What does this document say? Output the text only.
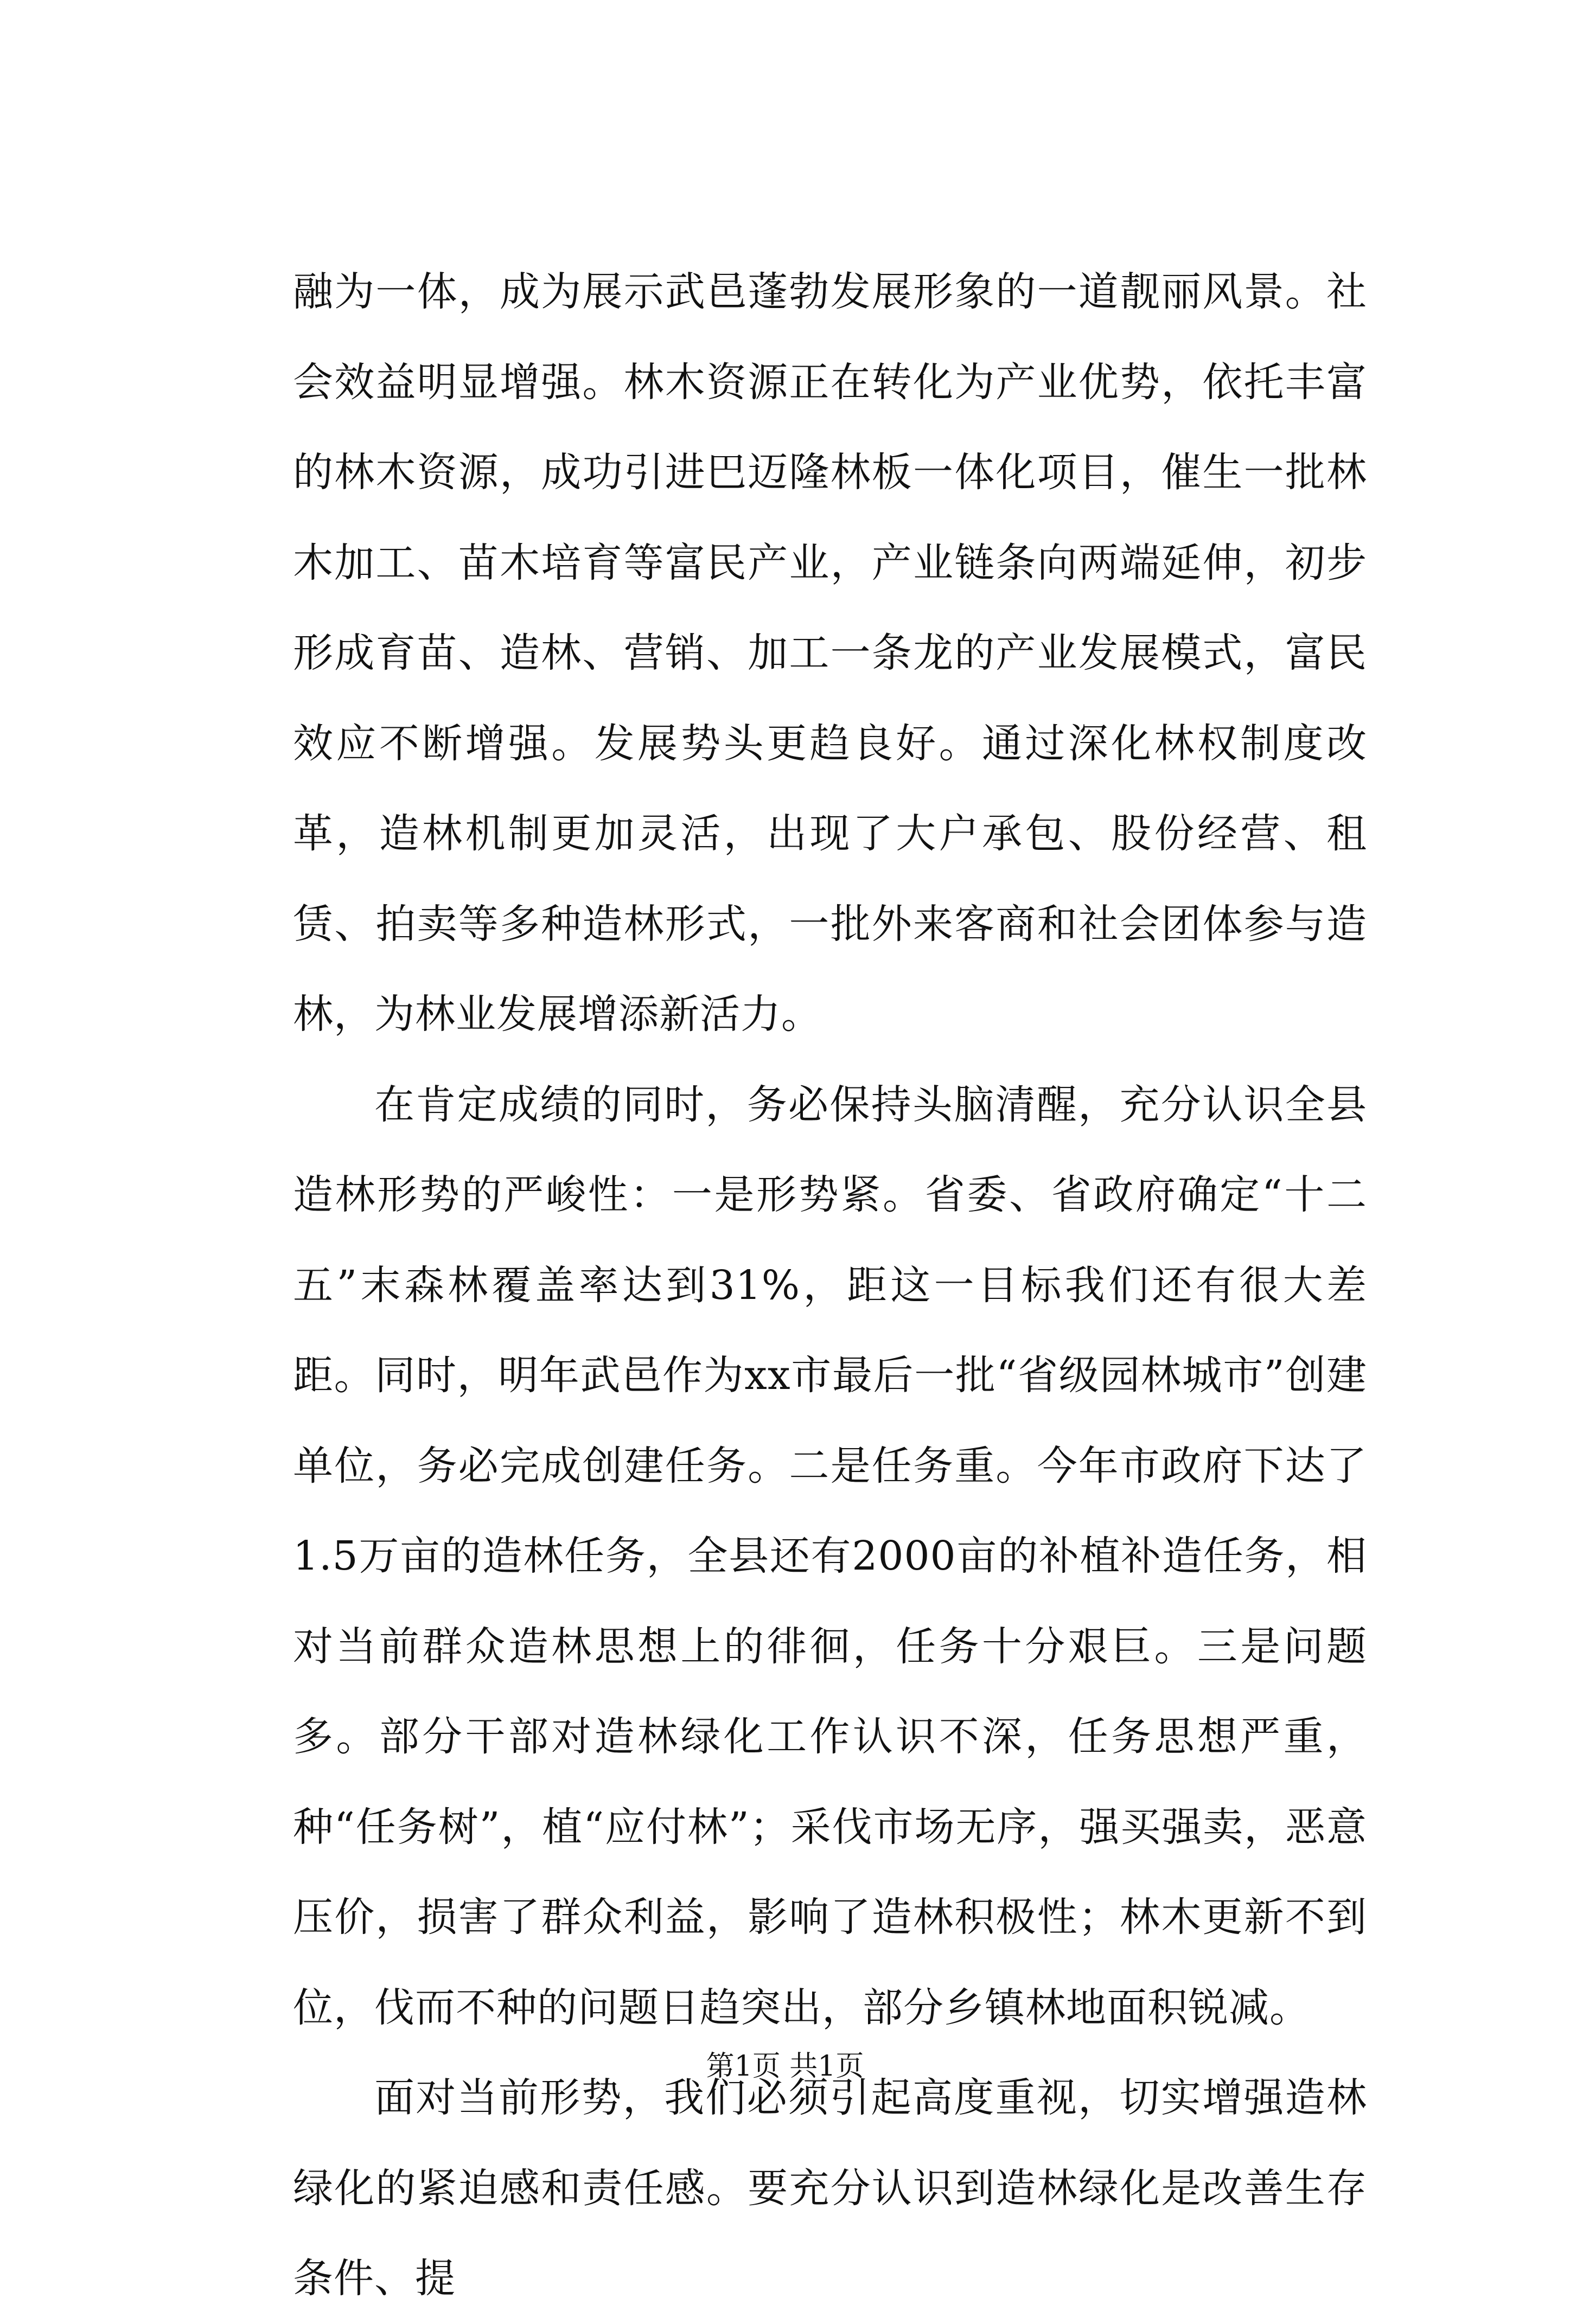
融为一体，成为展示武邑蓬勃发展形象的一道靓丽风景。社会效益明显增强。林木资源正在转化为产业优势，依托丰富的林木资源，成功引进巴迈隆林板一体化项目，催生一批林木加工、苗木培育等富民产业，产业链条向两端延伸，初步形成育苗、造林、营销、加工一条龙的产业发展模式，富民效应不断增强。发展势头更趋良好。通过深化林权制度改革，造林机制更加灵活，出现了大户承包、股份经营、租赁、拍卖等多种造林形式，一批外来客商和社会团体参与造林，为林业发展增添新活力。

在肯定成绩的同时，务必保持头脑清醒，充分认识全县造林形势的严峻性：一是形势紧。省委、省政府确定“十二五”末森林覆盖率达到31%，距这一目标我们还有很大差距。同时，明年武邑作为xx市最后一批“省级园林城市”创建单位，务必完成创建任务。二是任务重。今年市政府下达了1.5万亩的造林任务，全县还有2000亩的补植补造任务，相对当前群众造林思想上的徘徊，任务十分艰巨。三是问题多。部分干部对造林绿化工作认识不深，任务思想严重，种“任务树”，植“应付林”；采伐市场无序，强买强卖，恶意压价，损害了群众利益，影响了造林积极性；林木更新不到位，伐而不种的问题日趋突出，部分乡镇林地面积锐减。

面对当前形势，我们必须引起高度重视，切实增强造林绿化的紧迫感和责任感。要充分认识到造林绿化是改善生存条件、提

第1页 共1页
